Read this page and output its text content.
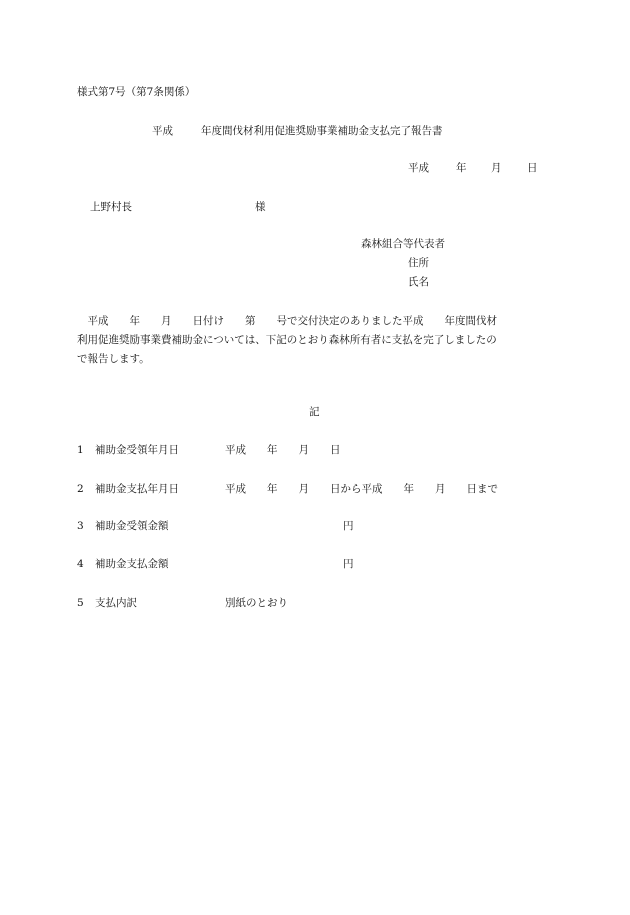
様式第7号（第7条関係）
平成	年度間伐材利用促進奨励事業補助金支払完了報告書
平成	年 月 日
上野村長	様
森林組合等代表者
住所
氏名
　平成　　年　　月　　日付け　　第　　号で交付決定のありました平成　　年度間伐材
利用促進奨励事業費補助金については、下記のとおり森林所有者に支払を完了しましたの
で報告します。
記
1 補助金受領年月日	平成　　年　　月　　日
2 補助金支払年月日	平成　　年　　月　　日から平成　　年　　月　　日まで
3 補助金受領金額	円
4 補助金支払金額	円
5 支払内訳	別紙のとおり
